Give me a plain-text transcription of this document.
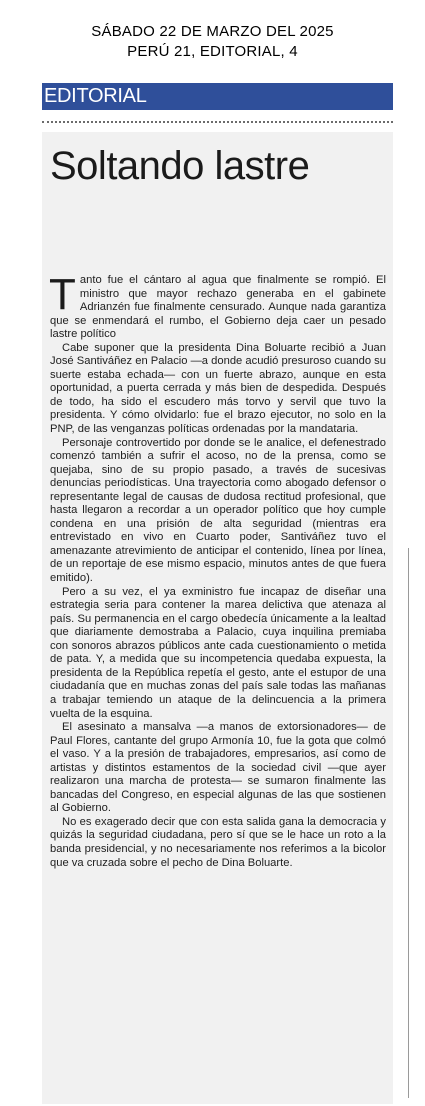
SÁBADO 22 DE MARZO DEL 2025
PERÚ 21, EDITORIAL, 4
EDITORIAL
Soltando lastre

Tanto fue el cántaro al agua que finalmente se rompió. El ministro que mayor rechazo generaba en el gabinete Adrianzén fue finalmente censurado. Aunque nada garantiza que se enmendará el rumbo, el Gobierno deja caer un pesado lastre político

Cabe suponer que la presidenta Dina Boluarte recibió a Juan José Santiváñez en Palacio —a donde acudió presuroso cuando su suerte estaba echada— con un fuerte abrazo, aunque en esta oportunidad, a puerta cerrada y más bien de despedida. Después de todo, ha sido el escudero más torvo y servil que tuvo la presidenta. Y cómo olvidarlo: fue el brazo ejecutor, no solo en la PNP, de las venganzas políticas ordenadas por la mandataria.

Personaje controvertido por donde se le analice, el defenestrado comenzó también a sufrir el acoso, no de la prensa, como se quejaba, sino de su propio pasado, a través de sucesivas denuncias periodísticas. Una trayectoria como abogado defensor o representante legal de causas de dudosa rectitud profesional, que hasta llegaron a recordar a un operador político que hoy cumple condena en una prisión de alta seguridad (mientras era entrevistado en vivo en Cuarto poder, Santiváñez tuvo el amenazante atrevimiento de anticipar el contenido, línea por línea, de un reportaje de ese mismo espacio, minutos antes de que fuera emitido).

Pero a su vez, el ya exministro fue incapaz de diseñar una estrategia seria para contener la marea delictiva que atenaza al país. Su permanencia en el cargo obedecía únicamente a la lealtad que diariamente demostraba a Palacio, cuya inquilina premiaba con sonoros abrazos públicos ante cada cuestionamiento o metida de pata. Y, a medida que su incompetencia quedaba expuesta, la presidenta de la República repetía el gesto, ante el estupor de una ciudadanía que en muchas zonas del país sale todas las mañanas a trabajar temiendo un ataque de la delincuencia a la primera vuelta de la esquina.

El asesinato a mansalva —a manos de extorsionadores— de Paul Flores, cantante del grupo Armonía 10, fue la gota que colmó el vaso. Y a la presión de trabajadores, empresarios, así como de artistas y distintos estamentos de la sociedad civil —que ayer realizaron una marcha de protesta— se sumaron finalmente las bancadas del Congreso, en especial algunas de las que sostienen al Gobierno.

No es exagerado decir que con esta salida gana la democracia y quizás la seguridad ciudadana, pero sí que se le hace un roto a la banda presidencial, y no necesariamente nos referimos a la bicolor que va cruzada sobre el pecho de Dina Boluarte.
